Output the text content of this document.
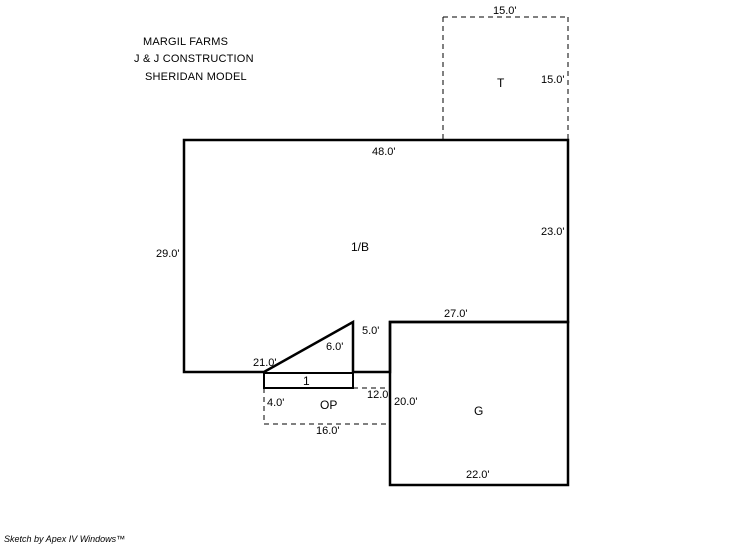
MARGIL FARMS
J & J CONSTRUCTION
SHERIDAN MODEL	T
1/B
G
OP
1
15.0'
15.0'
48.0'
23.0'
29.0'
21.0'
6.0'
5.0'
27.0'
12.0'
20.0'
22.0'
4.0'
16.0'
Sketch by Apex IV Windows™
